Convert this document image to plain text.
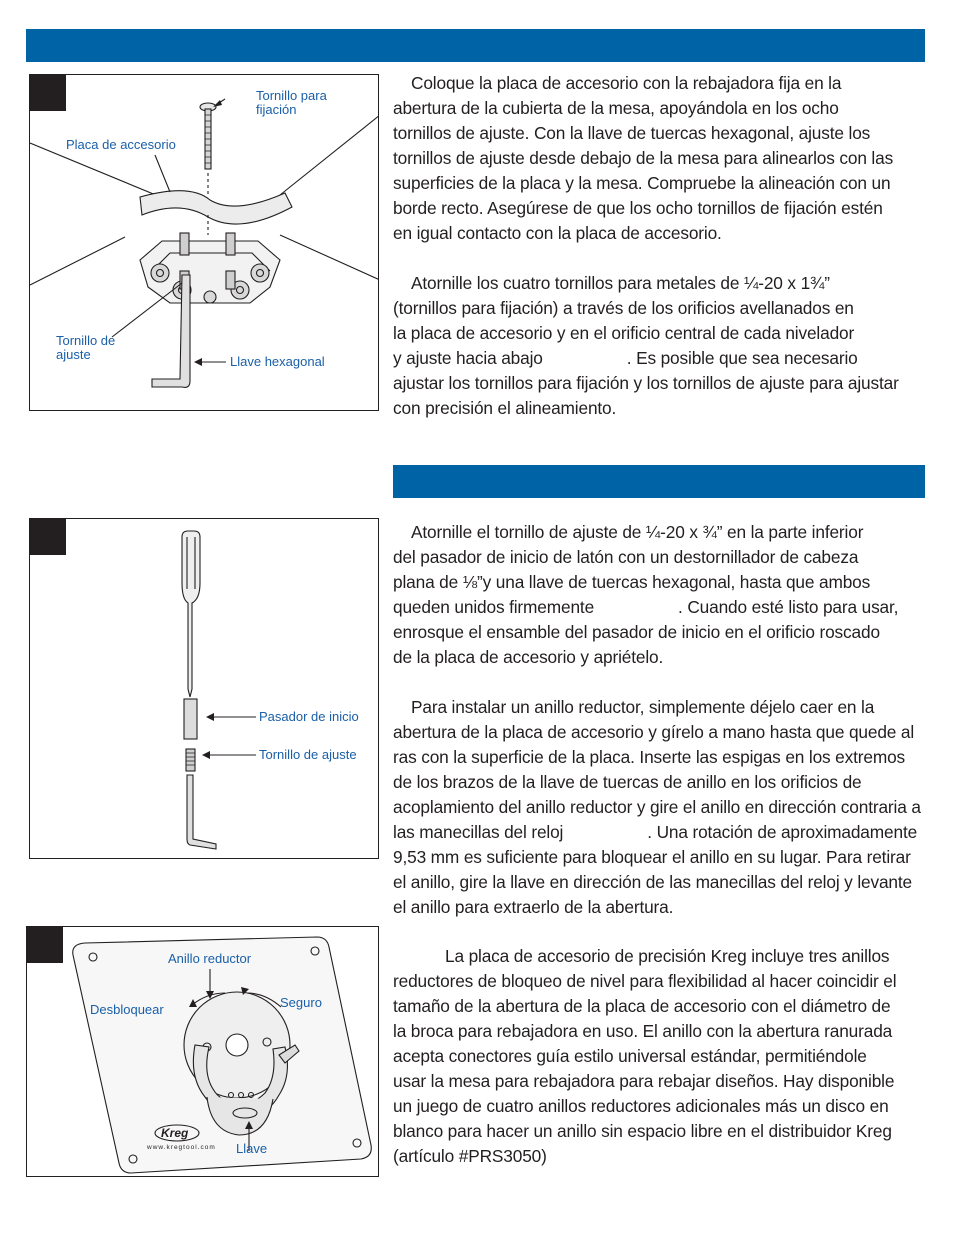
Tornillo para
fijación
Placa de accesorio
Tornillo de
ajuste	Llave hexagonal
Pasador de inicio
Tornillo de ajuste
Anillo reductor
Desbloquear	Seguro
Llave
Kreg
www.kregtool.com
Coloque la placa de accesorio con la rebajadora fija en la
abertura de la cubierta de la mesa, apoyándola en los ocho
tornillos de ajuste. Con la llave de tuercas hexagonal, ajuste los
tornillos de ajuste desde debajo de la mesa para alinearlos con las
superficies de la placa y la mesa. Compruebe la alineación con un
borde recto. Asegúrese de que los ocho tornillos de fijación estén
en igual contacto con la placa de accesorio.
Atornille los cuatro tornillos para metales de ¼-20 x 1¾”
(tornillos para fijación) a través de los orificios avellanados en
la placa de accesorio y en el orificio central de cada nivelador
y ajuste hacia abajo	. Es posible que sea necesario
ajustar los tornillos para fijación y los tornillos de ajuste para ajustar
con precisión el alineamiento.
Atornille el tornillo de ajuste de ¼-20 x ¾” en la parte inferior
del pasador de inicio de latón con un destornillador de cabeza
plana de ⅛”y una llave de tuercas hexagonal, hasta que ambos
queden unidos firmemente	. Cuando esté listo para usar,
enrosque el ensamble del pasador de inicio en el orificio roscado
de la placa de accesorio y apriételo.
Para instalar un anillo reductor, simplemente déjelo caer en la
abertura de la placa de accesorio y gírelo a mano hasta que quede al
ras con la superficie de la placa. Inserte las espigas en los extremos
de los brazos de la llave de tuercas de anillo en los orificios de
acoplamiento del anillo reductor y gire el anillo en dirección contraria a
las manecillas del reloj	. Una rotación de aproximadamente
9,53 mm es suficiente para bloquear el anillo en su lugar. Para retirar
el anillo, gire la llave en dirección de las manecillas del reloj y levante
el anillo para extraerlo de la abertura.
La placa de accesorio de precisión Kreg incluye tres anillos
reductores de bloqueo de nivel para flexibilidad al hacer coincidir el
tamaño de la abertura de la placa de accesorio con el diámetro de
la broca para rebajadora en uso. El anillo con la abertura ranurada
acepta conectores guía estilo universal estándar, permitiéndole
usar la mesa para rebajadora para rebajar diseños. Hay disponible
un juego de cuatro anillos reductores adicionales más un disco en
blanco para hacer un anillo sin espacio libre en el distribuidor Kreg
(artículo #PRS3050)
